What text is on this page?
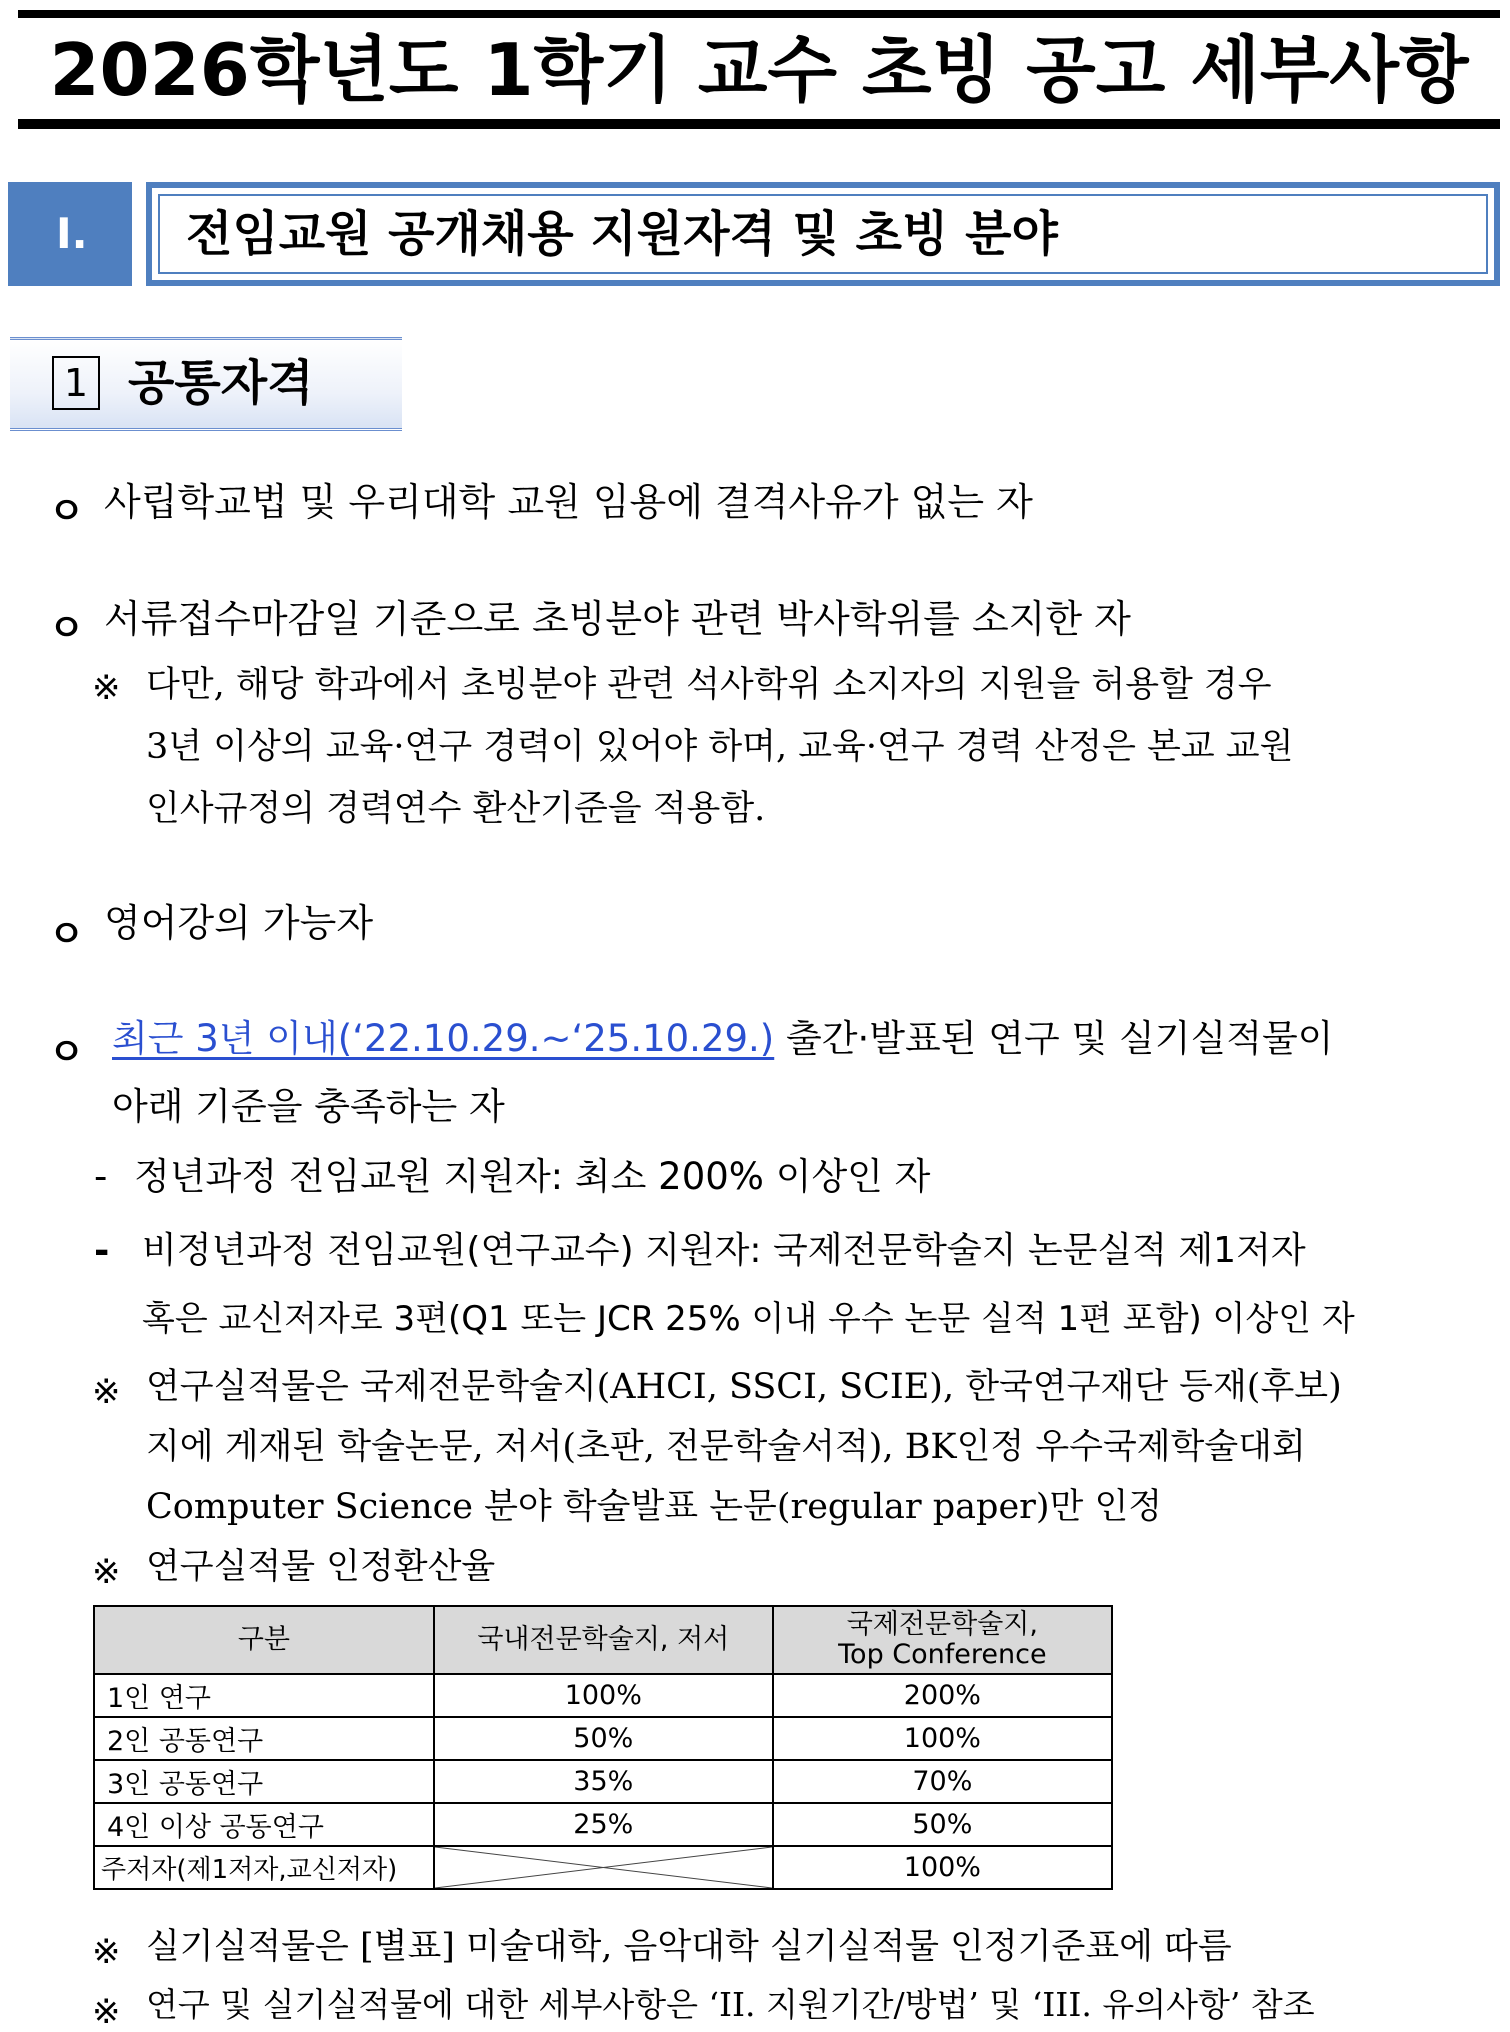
2026학년도 1학기 교수 초빙 공고 세부사항
I.	전임교원 공개채용 지원자격 및 초빙 분야
1 공통자격
ㅇ 사립학교법 및 우리대학 교원 임용에 결격사유가 없는 자
ㅇ 서류접수마감일 기준으로 초빙분야 관련 박사학위를 소지한 자
※ 다만, 해당 학과에서 초빙분야 관련 석사학위 소지자의 지원을 허용할 경우
3년 이상의 교육·연구 경력이 있어야 하며, 교육·연구 경력 산정은 본교 교원
인사규정의 경력연수 환산기준을 적용함.
ㅇ 영어강의 가능자
ㅇ 최근 3년 이내(‘22.10.29.~‘25.10.29.) 출간·발표된 연구 및 실기실적물이
아래 기준을 충족하는 자
- 정년과정 전임교원 지원자: 최소 200% 이상인 자
- 비정년과정 전임교원(연구교수) 지원자: 국제전문학술지 논문실적 제1저자
혹은 교신저자로 3편(Q1 또는 JCR 25% 이내 우수 논문 실적 1편 포함) 이상인 자
※ 연구실적물은 국제전문학술지(AHCI, SSCI, SCIE), 한국연구재단 등재(후보)
지에 게재된 학술논문, 저서(초판, 전문학술서적), BK인정 우수국제학술대회
Computer Science 분야 학술발표 논문(regular paper)만 인정
※ 연구실적물 인정환산율
구분	국내전문학술지, 저서	국제전문학술지,
Top Conference
1인 연구	100%	200%
2인 공동연구	50%	100%
3인 공동연구	35%	70%
4인 이상 공동연구	25%	50%
주저자(제1저자,교신저자)		100%
※ 실기실적물은 [별표] 미술대학, 음악대학 실기실적물 인정기준표에 따름
※ 연구 및 실기실적물에 대한 세부사항은 ‘II. 지원기간/방법’ 및 ‘III. 유의사항’ 참조
